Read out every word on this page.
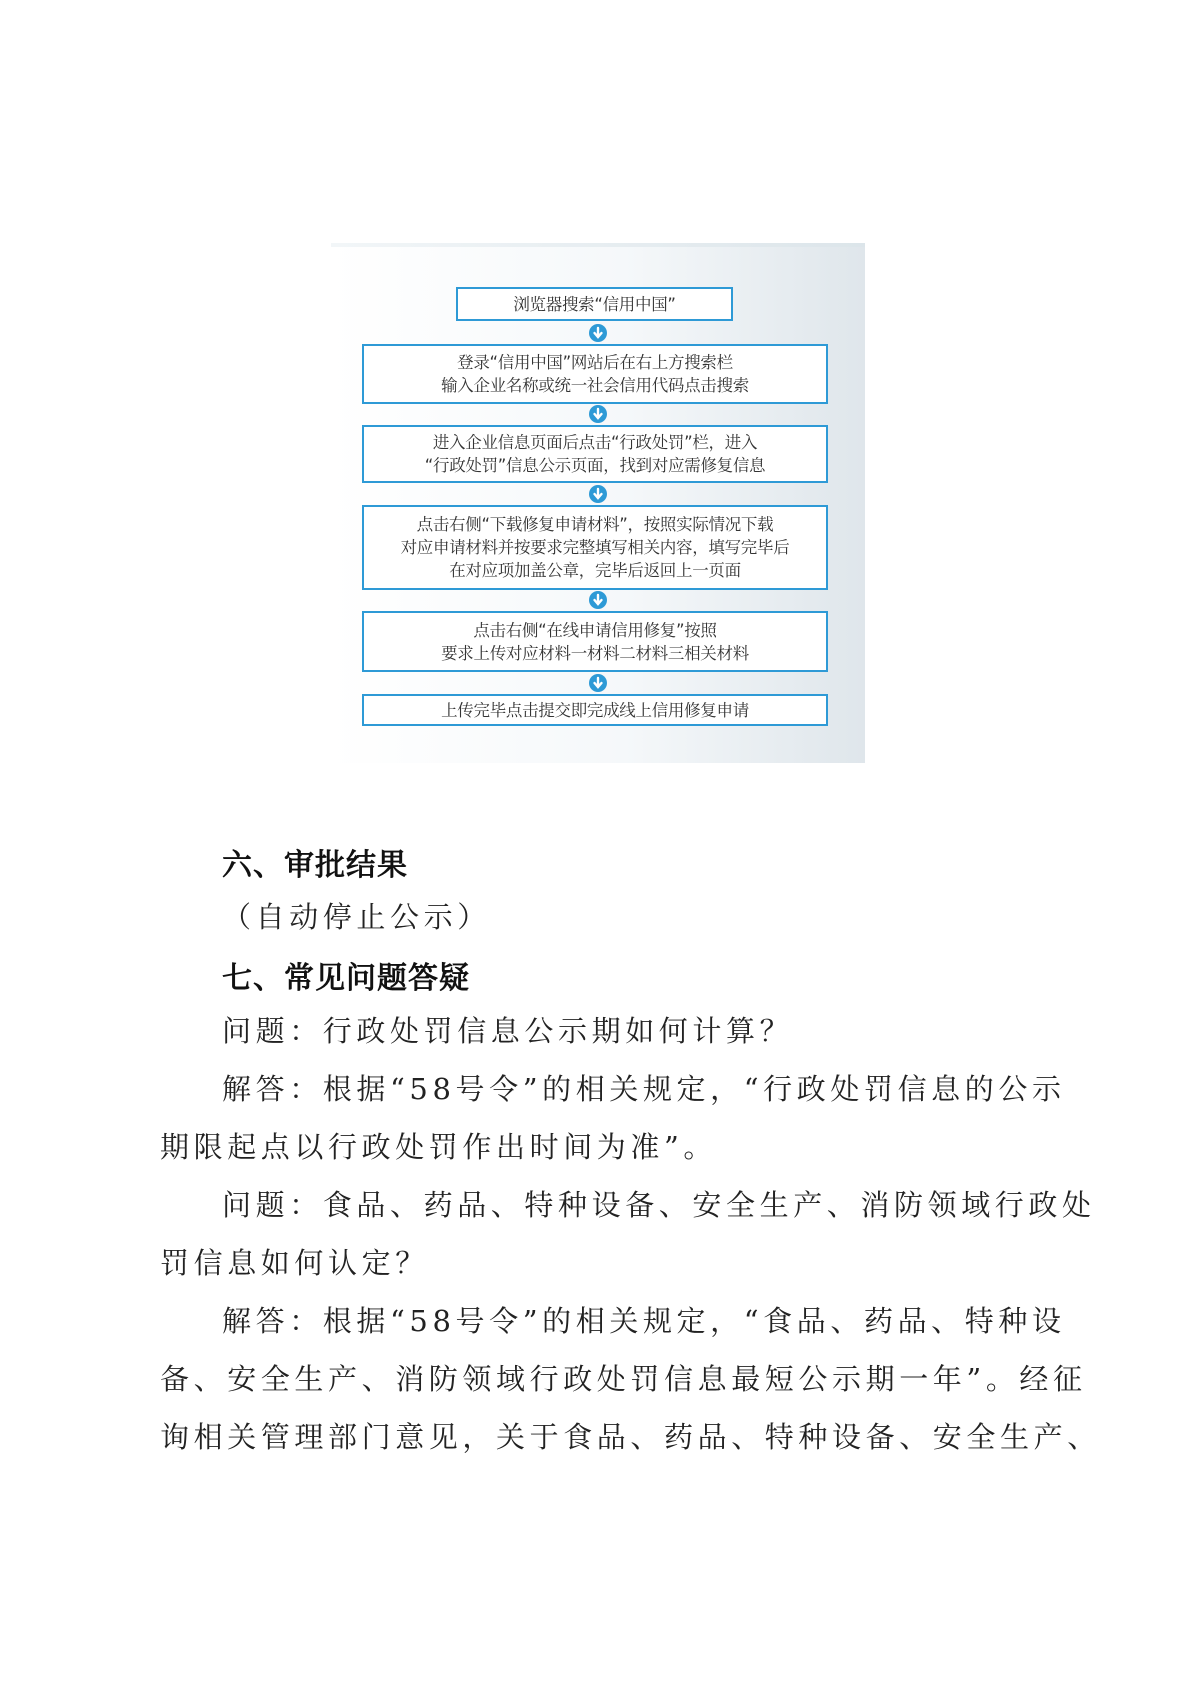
浏览器搜索“信用中国”
登录“信用中国”网站后在右上方搜索栏
输入企业名称或统一社会信用代码点击搜索
进入企业信息页面后点击“行政处罚”栏，进入
“行政处罚”信息公示页面，找到对应需修复信息
点击右侧“下载修复申请材料”，按照实际情况下载
对应申请材料并按要求完整填写相关内容，填写完毕后
在对应项加盖公章，完毕后返回上一页面
点击右侧“在线申请信用修复”按照
要求上传对应材料一材料二材料三相关材料
上传完毕点击提交即完成线上信用修复申请
六、审批结果
（自动停止公示）
七、常见问题答疑
问题：行政处罚信息公示期如何计算？
解答：根据“58号令”的相关规定，“行政处罚信息的公示
期限起点以行政处罚作出时间为准”。
问题：食品、药品、特种设备、安全生产、消防领域行政处
罚信息如何认定？
解答：根据“58号令”的相关规定，“食品、药品、特种设
备、安全生产、消防领域行政处罚信息最短公示期一年”。经征
询相关管理部门意见，关于食品、药品、特种设备、安全生产、
